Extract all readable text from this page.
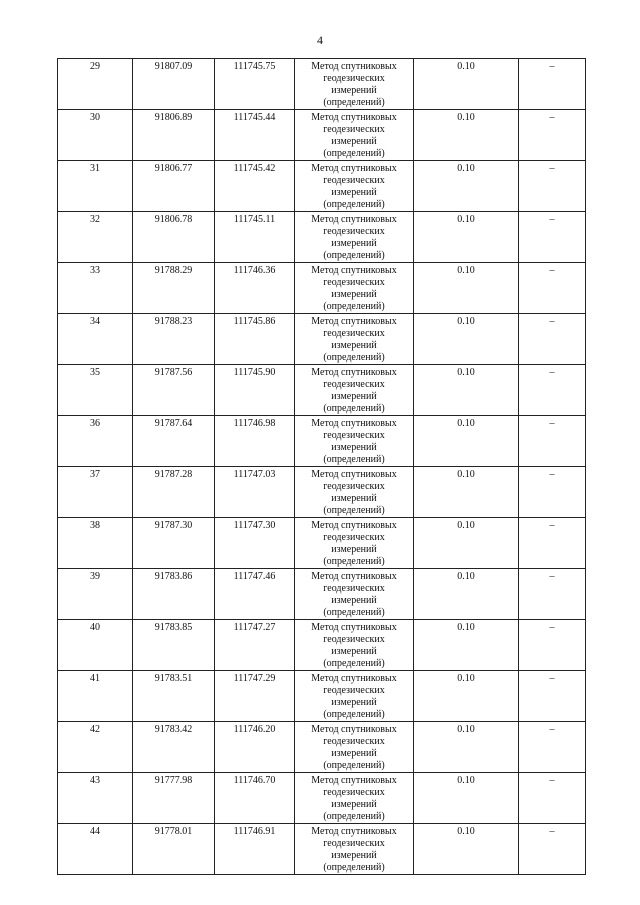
4
29	91807.09	111745.75	Метод спутниковых
геодезических
измерений
(определений)	0.10	–
30	91806.89	111745.44	Метод спутниковых
геодезических
измерений
(определений)	0.10	–
31	91806.77	111745.42	Метод спутниковых
геодезических
измерений
(определений)	0.10	–
32	91806.78	111745.11	Метод спутниковых
геодезических
измерений
(определений)	0.10	–
33	91788.29	111746.36	Метод спутниковых
геодезических
измерений
(определений)	0.10	–
34	91788.23	111745.86	Метод спутниковых
геодезических
измерений
(определений)	0.10	–
35	91787.56	111745.90	Метод спутниковых
геодезических
измерений
(определений)	0.10	–
36	91787.64	111746.98	Метод спутниковых
геодезических
измерений
(определений)	0.10	–
37	91787.28	111747.03	Метод спутниковых
геодезических
измерений
(определений)	0.10	–
38	91787.30	111747.30	Метод спутниковых
геодезических
измерений
(определений)	0.10	–
39	91783.86	111747.46	Метод спутниковых
геодезических
измерений
(определений)	0.10	–
40	91783.85	111747.27	Метод спутниковых
геодезических
измерений
(определений)	0.10	–
41	91783.51	111747.29	Метод спутниковых
геодезических
измерений
(определений)	0.10	–
42	91783.42	111746.20	Метод спутниковых
геодезических
измерений
(определений)	0.10	–
43	91777.98	111746.70	Метод спутниковых
геодезических
измерений
(определений)	0.10	–
44	91778.01	111746.91	Метод спутниковых
геодезических
измерений
(определений)	0.10	–
